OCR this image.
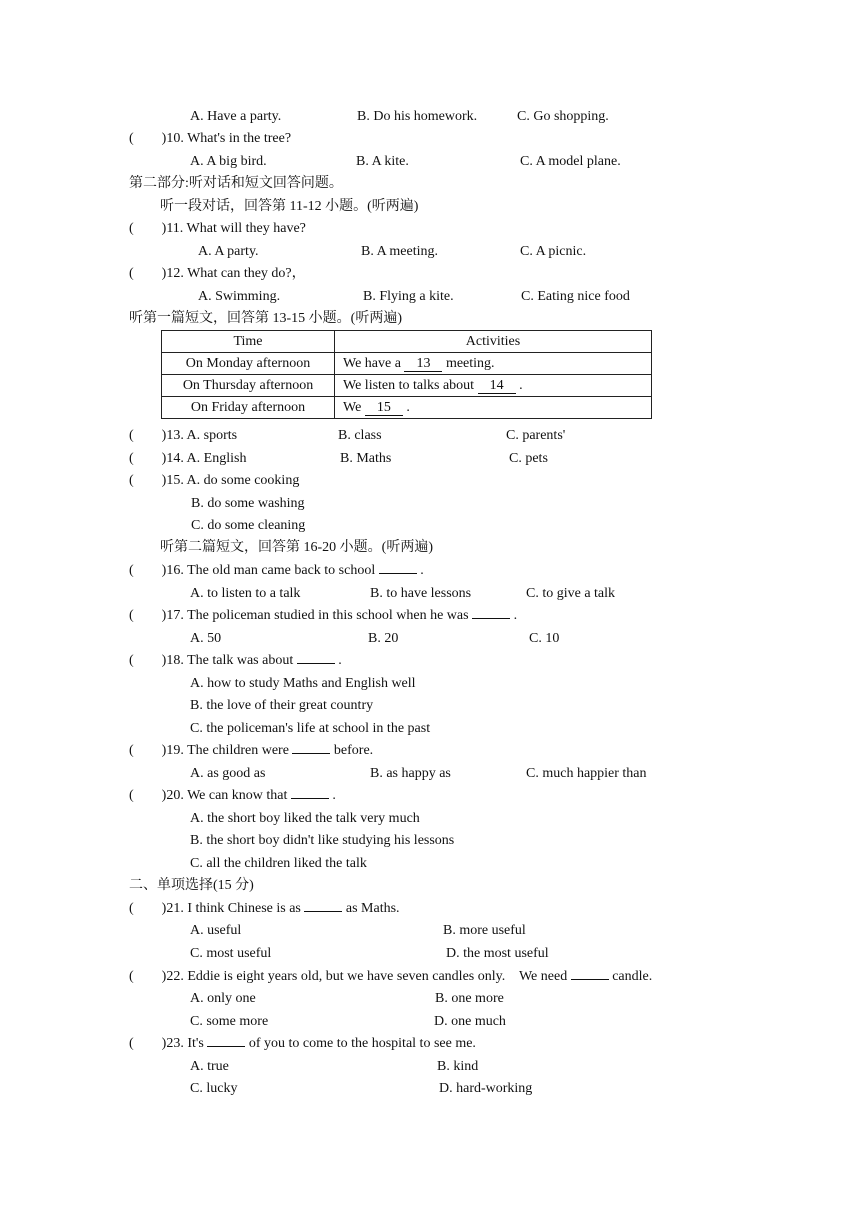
A. Have a party.	B. Do his homework.	C. Go shopping.
(        )10. What's in the tree?
A. A big bird.	B. A kite.	C. A model plane.
第二部分:听对话和短文回答问题。
听一段对话，回答第 11-12 小题。(听两遍)
(        )11. What will they have?
A. A party.	B. A meeting.	C. A picnic.
(        )12. What can they do?，
A. Swimming.	B. Flying a kite.	C. Eating nice food
听第一篇短文，回答第 13-15 小题。(听两遍)
(        )13. A. sports	B. class	C. parents'
(        )14. A. English	B. Maths	C. pets
(        )15. A. do some cooking
B. do some washing
C. do some cleaning
听第二篇短文，回答第 16-20 小题。(听两遍)
A. to listen to a talk	B. to have lessons	C. to give a talk
A. 50	B. 20	C. 10
A. how to study Maths and English well
B. the love of their great country
C. the policeman's life at school in the past
A. as good as	B. as happy as	C. much happier than
A. the short boy liked the talk very much
B. the short boy didn't like studying his lessons
C. all the children liked the talk
二、单项选择(15 分)
A. useful	B. more useful
C. most useful	D. the most useful
A. only one	B. one more
C. some more	D. one much
A. true	B. kind
C. lucky	D. hard-working
(        )16. The old man came back to school	.
(        )17. The policeman studied in this school when he was	.
(        )18. The talk was about	.
(        )19. The children were	before.
(        )20. We can know that	.
(        )21. I think Chinese is as	as Maths.
(        )22. Eddie is eight years old, but we have seven candles only.    We need	candle.
(        )23. It's	of you to come to the hospital to see me.
Time	Activities
On Monday afternoon	We have a 13 meeting.
On Thursday afternoon	We listen to talks about 14 .
On Friday afternoon	We 15 .
